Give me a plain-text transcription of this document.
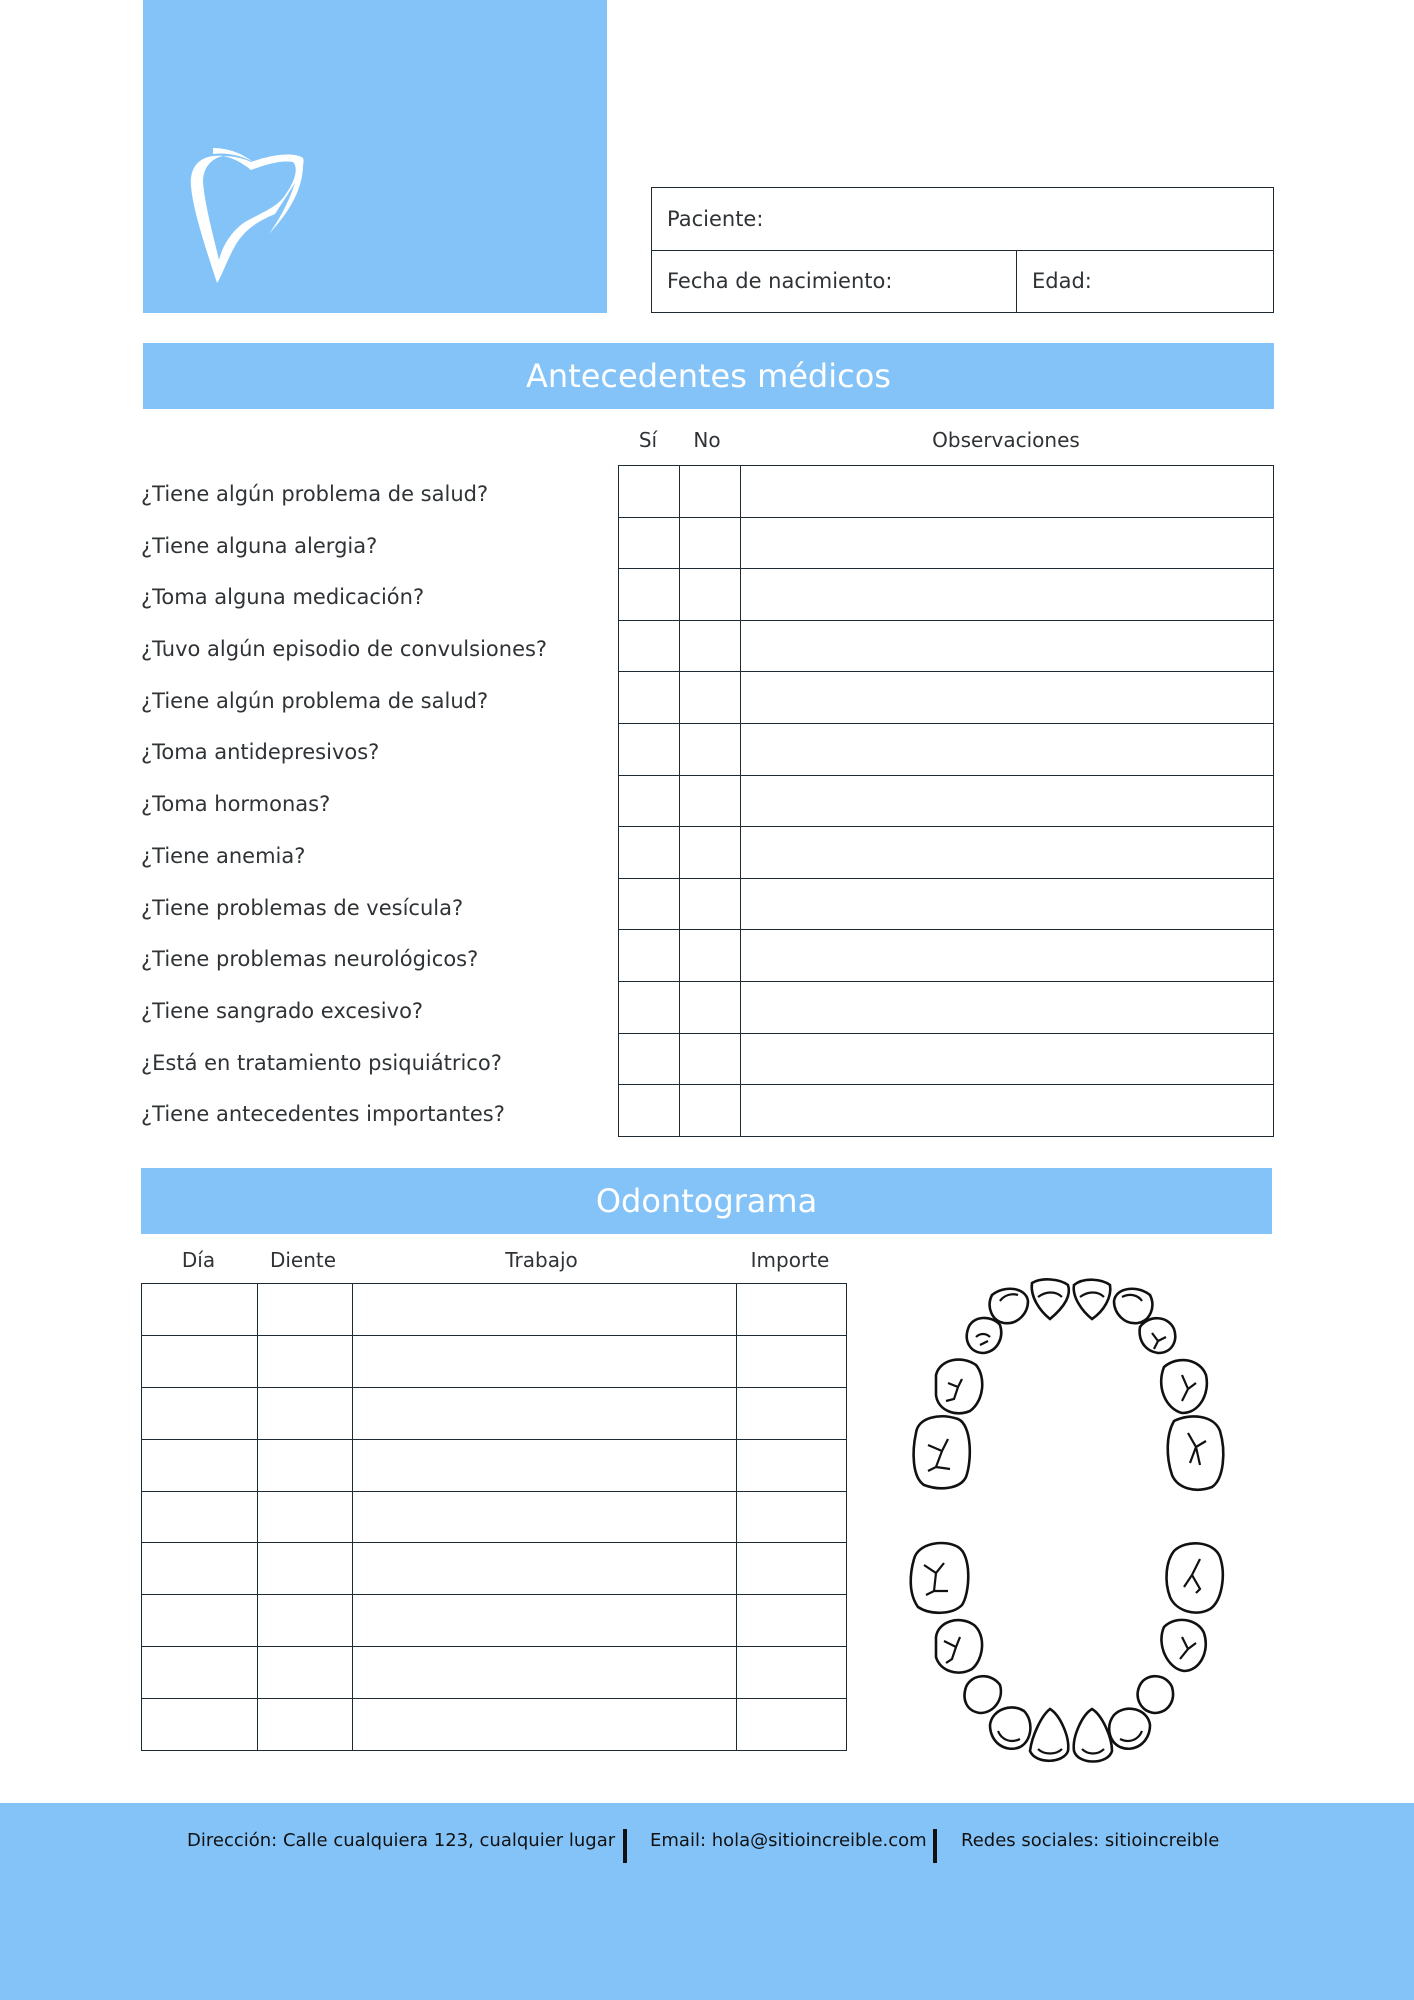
Paciente:
Fecha de nacimiento:	Edad:
Antecedentes médicos
Sí	No	Observaciones
¿Tiene algún problema de salud?
¿Tiene alguna alergia?
¿Toma alguna medicación?
¿Tuvo algún episodio de convulsiones?
¿Tiene algún problema de salud?
¿Toma antidepresivos?
¿Toma hormonas?
¿Tiene anemia?
¿Tiene problemas de vesícula?
¿Tiene problemas neurológicos?
¿Tiene sangrado excesivo?
¿Está en tratamiento psiquiátrico?
¿Tiene antecedentes importantes?

Odontograma
Día	Diente	Trabajo	Importe

Dirección: Calle cualquiera 123, cualquier lugar Email: hola@sitioincreible.com Redes sociales: sitioincreible
